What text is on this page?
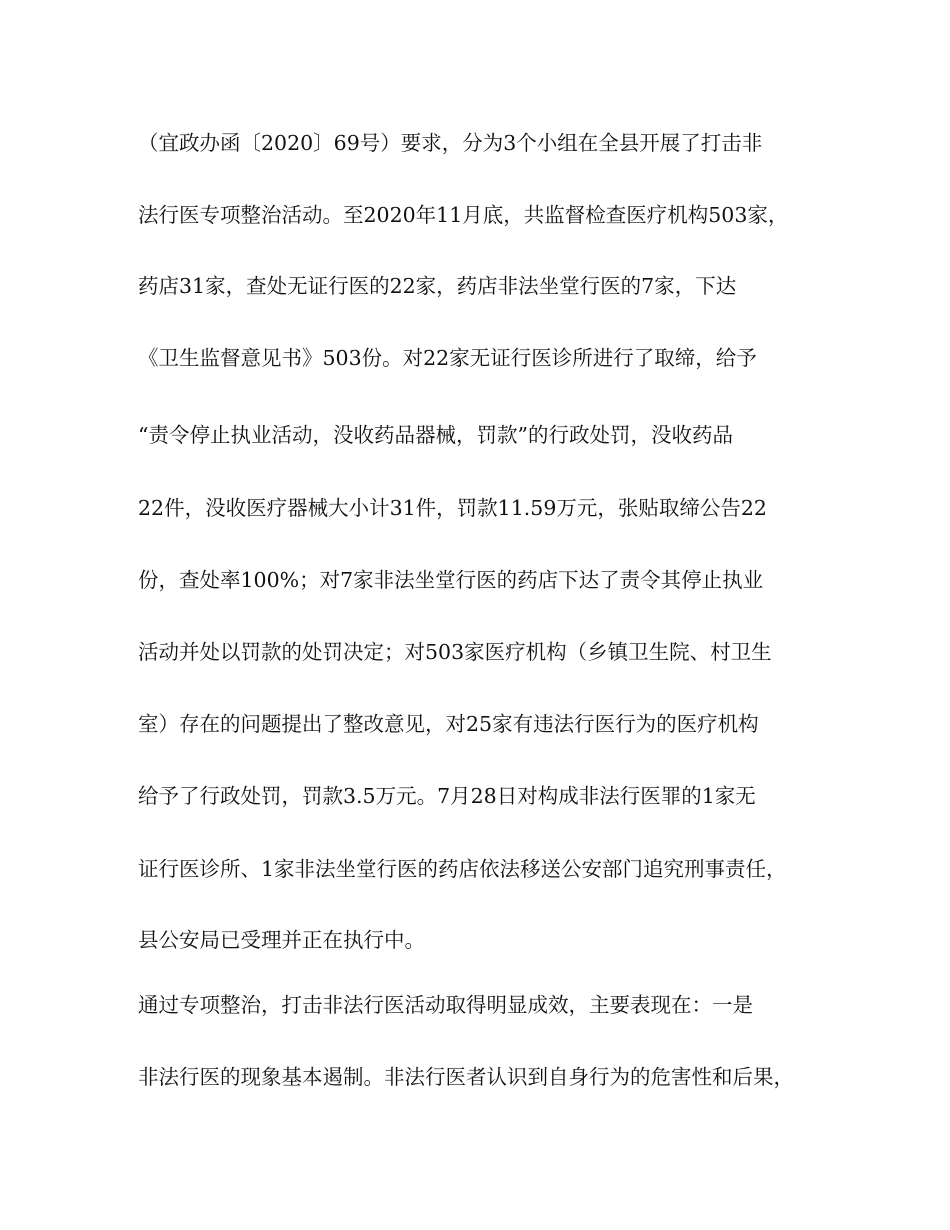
（宜政办函〔2020〕69号）要求，分为3个小组在全县开展了打击非
法行医专项整治活动。至2020年11月底，共监督检查医疗机构503家，
药店31家，查处无证行医的22家，药店非法坐堂行医的7家，下达
《卫生监督意见书》503份。对22家无证行医诊所进行了取缔，给予
“责令停止执业活动，没收药品器械，罚款”的行政处罚，没收药品
22件，没收医疗器械大小计31件，罚款11.59万元，张贴取缔公告22
份，查处率100%；对7家非法坐堂行医的药店下达了责令其停止执业
活动并处以罚款的处罚决定；对503家医疗机构（乡镇卫生院、村卫生
室）存在的问题提出了整改意见，对25家有违法行医行为的医疗机构
给予了行政处罚，罚款3.5万元。7月28日对构成非法行医罪的1家无
证行医诊所、1家非法坐堂行医的药店依法移送公安部门追究刑事责任，
县公安局已受理并正在执行中。
通过专项整治，打击非法行医活动取得明显成效，主要表现在：一是
非法行医的现象基本遏制。非法行医者认识到自身行为的危害性和后果，
